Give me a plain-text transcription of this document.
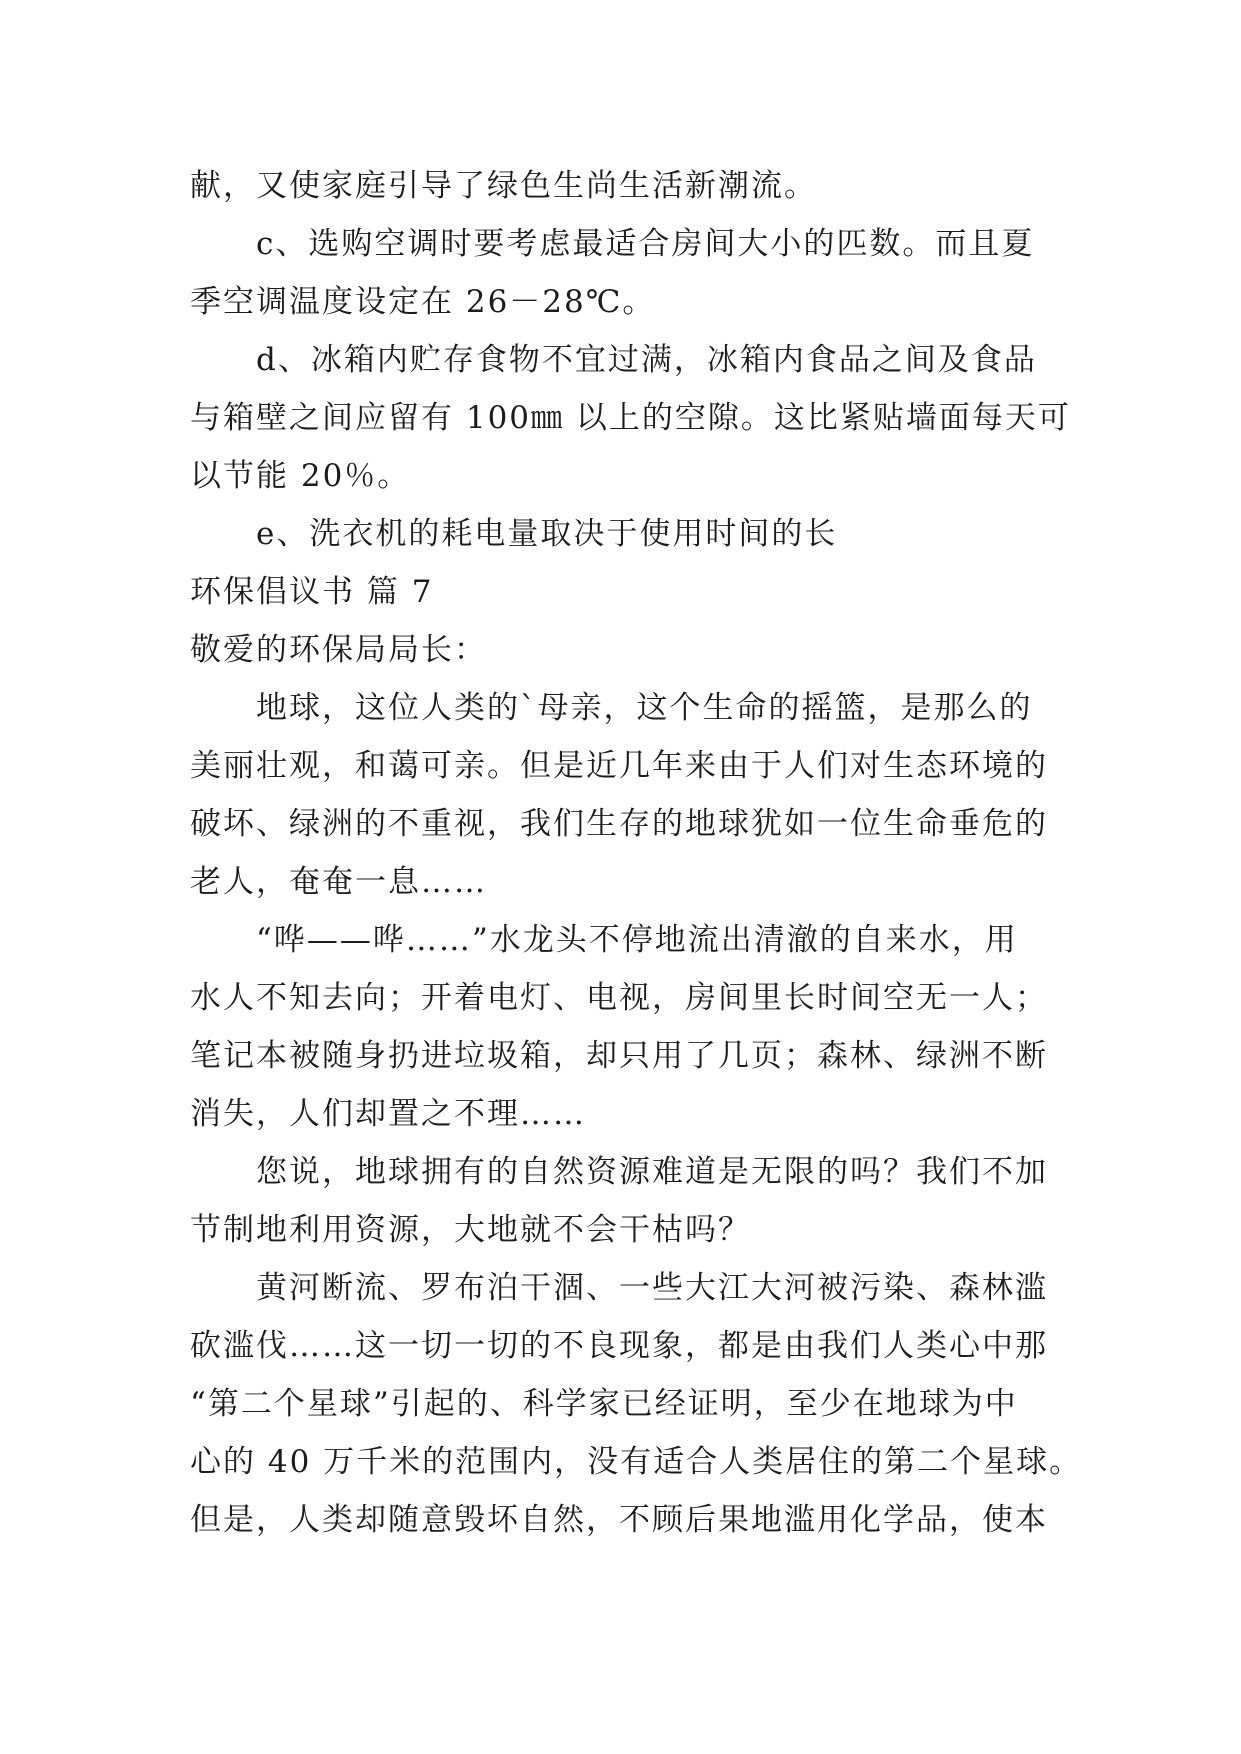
献，又使家庭引导了绿色生尚生活新潮流。
c、选购空调时要考虑最适合房间大小的匹数。而且夏
季空调温度设定在 26－28℃。
d、冰箱内贮存食物不宜过满，冰箱内食品之间及食品
与箱壁之间应留有 100㎜ 以上的空隙。这比紧贴墙面每天可
以节能 20％。
e、洗衣机的耗电量取决于使用时间的长
环保倡议书 篇 7
敬爱的环保局局长：
地球，这位人类的`母亲，这个生命的摇篮，是那么的
美丽壮观，和蔼可亲。但是近几年来由于人们对生态环境的
破坏、绿洲的不重视，我们生存的地球犹如一位生命垂危的
老人，奄奄一息……
“哗——哗……”水龙头不停地流出清澈的自来水，用
水人不知去向；开着电灯、电视，房间里长时间空无一人；
笔记本被随身扔进垃圾箱，却只用了几页；森林、绿洲不断
消失，人们却置之不理……
您说，地球拥有的自然资源难道是无限的吗？我们不加
节制地利用资源，大地就不会干枯吗？
黄河断流、罗布泊干涸、一些大江大河被污染、森林滥
砍滥伐……这一切一切的不良现象，都是由我们人类心中那
“第二个星球”引起的、科学家已经证明，至少在地球为中
心的 40 万千米的范围内，没有适合人类居住的第二个星球。
但是，人类却随意毁坏自然，不顾后果地滥用化学品，使本
